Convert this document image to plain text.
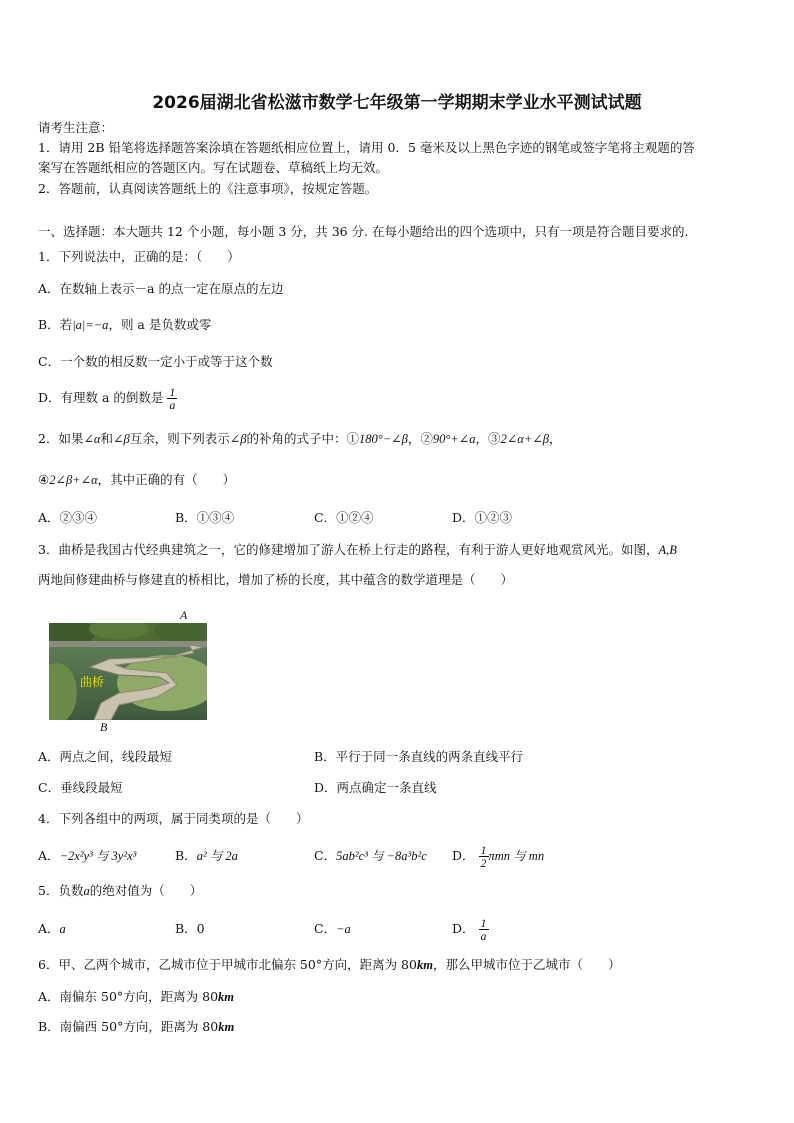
2026届湖北省松滋市数学七年级第一学期期末学业水平测试试题
请考生注意：
1．请用 2B 铅笔将选择题答案涂填在答题纸相应位置上，请用 0．5 毫米及以上黑色字迹的钢笔或签字笔将主观题的答
案写在答题纸相应的答题区内。写在试题卷、草稿纸上均无效。
2．答题前，认真阅读答题纸上的《注意事项》，按规定答题。
一、选择题：本大题共 12 个小题，每小题 3 分，共 36 分. 在每小题给出的四个选项中，只有一项是符合题目要求的.
1．下列说法中，正确的是：（　　）
A．在数轴上表示－a 的点一定在原点的左边
B．若|a|=−a，则 a 是负数或零
C．一个数的相反数一定小于或等于这个数
D．有理数 a 的倒数是 $\frac{1}{a}$
2．如果∠α和∠β互余，则下列表示∠β的补角的式子中：①180°−∠β，②90°+∠a，③2∠α+∠β，
④2∠β+∠α，其中正确的有（　　）
A．②③④	B．①③④	C．①②④	D．①②③
3．曲桥是我国古代经典建筑之一，它的修建增加了游人在桥上行走的路程，有利于游人更好地观赏风光。如图，A,B
两地间修建曲桥与修建直的桥相比，增加了桥的长度，其中蕴含的数学道理是（　　）
A
曲桥
B
A．两点之间，线段最短	B．平行于同一条直线的两条直线平行
C．垂线段最短	D．两点确定一条直线
4．下列各组中的两项，属于同类项的是（　　）
A．−2x²y³ 与 3y²x³	B．a² 与 2a	C．5ab²c³ 与 −8a³b²c D． $\frac{1}{2}$ πmn 与 mn
5．负数a的绝对值为（　　）
A．a	B．0	C．−a	D． $\frac{1}{a}$
6．甲、乙两个城市，乙城市位于甲城市北偏东 50°方向，距离为 80km，那么甲城市位于乙城市（　　）
A．南偏东 50°方向，距离为 80km
B．南偏西 50°方向，距离为 80km
